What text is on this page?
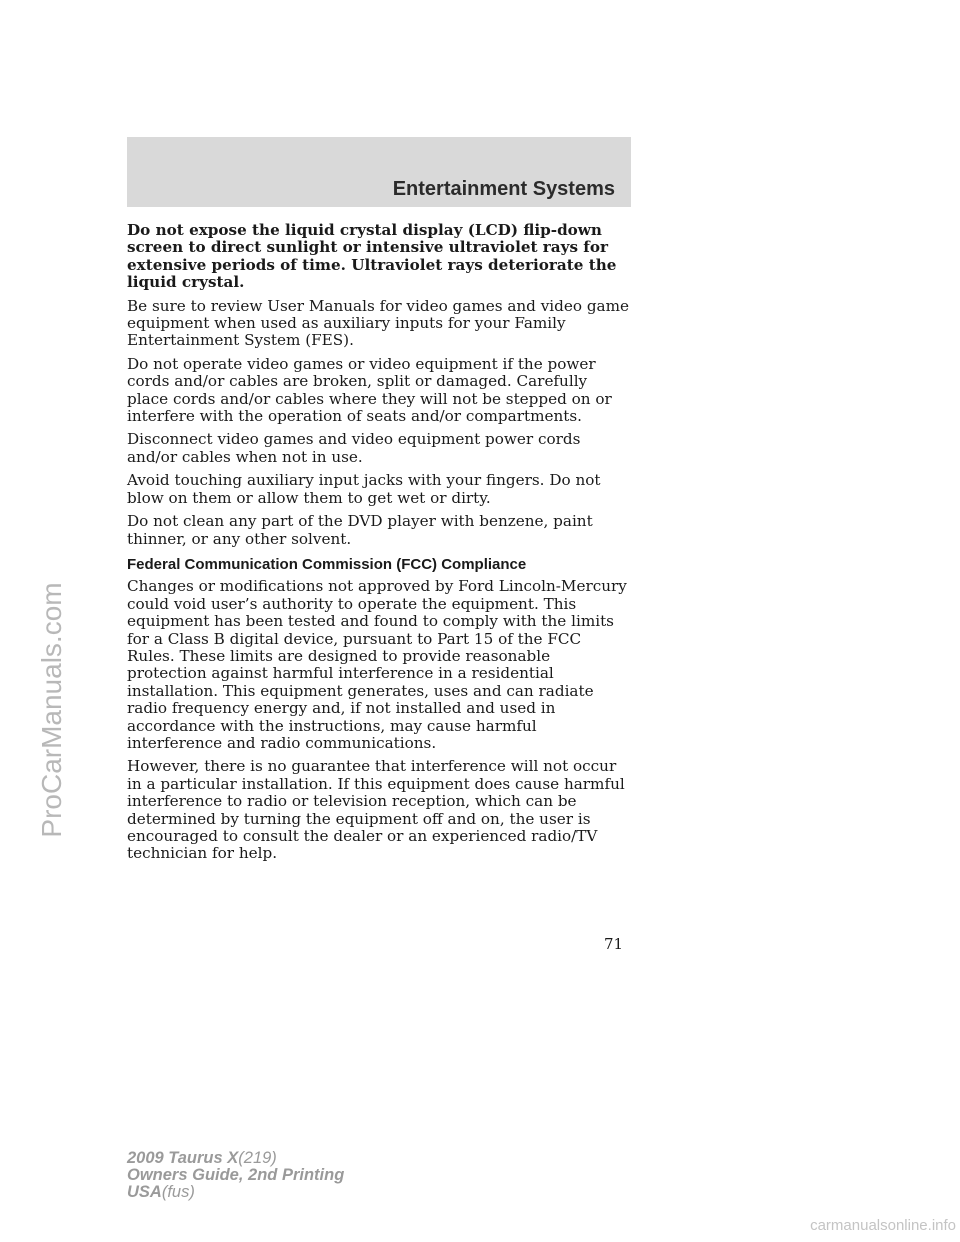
Entertainment Systems

Do not expose the liquid crystal display (LCD) flip-down screen to direct sunlight or intensive ultraviolet rays for extensive periods of time. Ultraviolet rays deteriorate the liquid crystal.

Be sure to review User Manuals for video games and video game equipment when used as auxiliary inputs for your Family Entertainment System (FES).

Do not operate video games or video equipment if the power cords and/or cables are broken, split or damaged. Carefully place cords and/or cables where they will not be stepped on or interfere with the operation of seats and/or compartments.

Disconnect video games and video equipment power cords and/or cables when not in use.

Avoid touching auxiliary input jacks with your fingers. Do not blow on them or allow them to get wet or dirty.

Do not clean any part of the DVD player with benzene, paint thinner, or any other solvent.

Federal Communication Commission (FCC) Compliance

Changes or modifications not approved by Ford Lincoln-Mercury could void user’s authority to operate the equipment. This equipment has been tested and found to comply with the limits for a Class B digital device, pursuant to Part 15 of the FCC Rules. These limits are designed to provide reasonable protection against harmful interference in a residential installation. This equipment generates, uses and can radiate radio frequency energy and, if not installed and used in accordance with the instructions, may cause harmful interference and radio communications.

However, there is no guarantee that interference will not occur in a particular installation. If this equipment does cause harmful interference to radio or television reception, which can be determined by turning the equipment off and on, the user is encouraged to consult the dealer or an experienced radio/TV technician for help.

71
2009 Taurus X(219)
Owners Guide, 2nd Printing
USA(fus)
ProCarManuals.com
carmanualsonline.info
